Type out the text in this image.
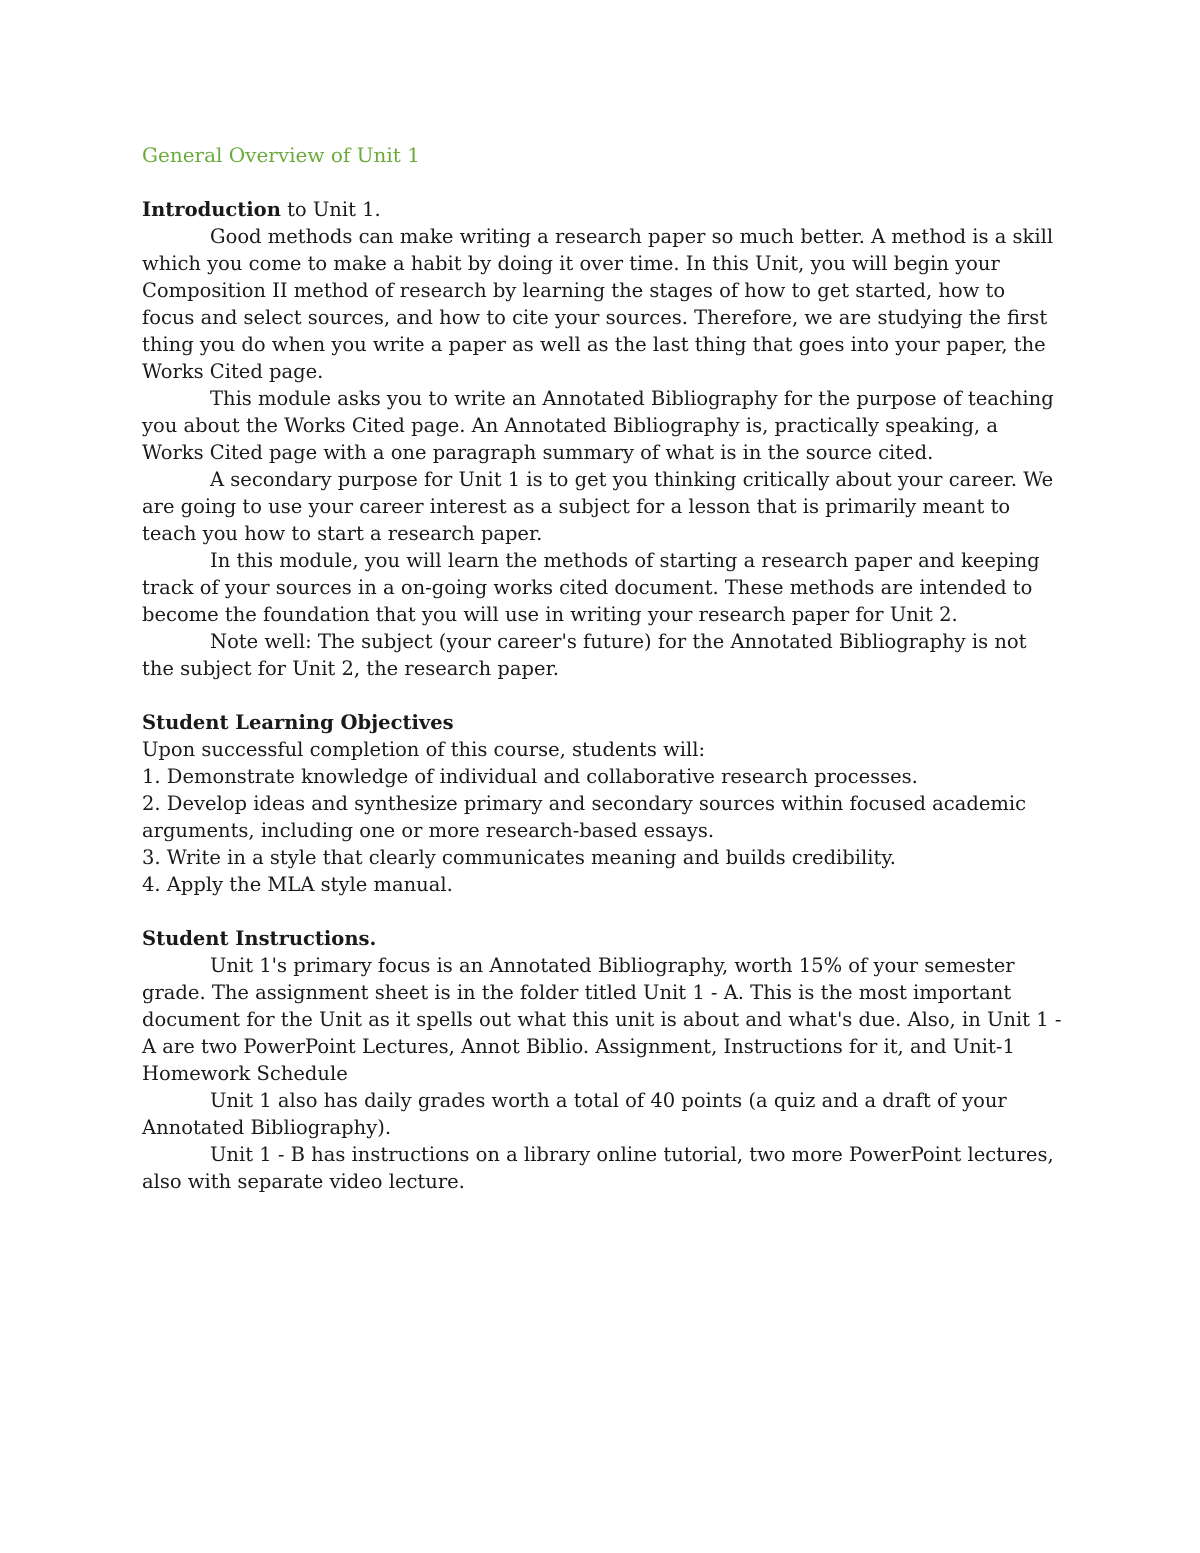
General Overview of Unit 1

Introduction to Unit 1.

Good methods can make writing a research paper so much better. A method is a skill which you come to make a habit by doing it over time. In this Unit, you will begin your Composition II method of research by learning the stages of how to get started, how to focus and select sources, and how to cite your sources. Therefore, we are studying the first thing you do when you write a paper as well as the last thing that goes into your paper, the Works Cited page.

This module asks you to write an Annotated Bibliography for the purpose of teaching you about the Works Cited page. An Annotated Bibliography is, practically speaking, a Works Cited page with a one paragraph summary of what is in the source cited.

A secondary purpose for Unit 1 is to get you thinking critically about your career. We are going to use your career interest as a subject for a lesson that is primarily meant to teach you how to start a research paper.

In this module, you will learn the methods of starting a research paper and keeping track of your sources in a on-going works cited document. These methods are intended to become the foundation that you will use in writing your research paper for Unit 2.

Note well: The subject (your career's future) for the Annotated Bibliography is not the subject for Unit 2, the research paper.

Student Learning Objectives

Upon successful completion of this course, students will:

1. Demonstrate knowledge of individual and collaborative research processes.

2. Develop ideas and synthesize primary and secondary sources within focused academic arguments, including one or more research-based essays.

3. Write in a style that clearly communicates meaning and builds credibility.

4. Apply the MLA style manual.

Student Instructions.

Unit 1's primary focus is an Annotated Bibliography, worth 15% of your semester grade. The assignment sheet is in the folder titled Unit 1 - A. This is the most important document for the Unit as it spells out what this unit is about and what's due. Also, in Unit 1 - A are two PowerPoint Lectures, Annot Biblio. Assignment, Instructions for it, and Unit-1 Homework Schedule

Unit 1 also has daily grades worth a total of 40 points (a quiz and a draft of your Annotated Bibliography).

Unit 1 - B has instructions on a library online tutorial, two more PowerPoint lectures, also with separate video lecture.
